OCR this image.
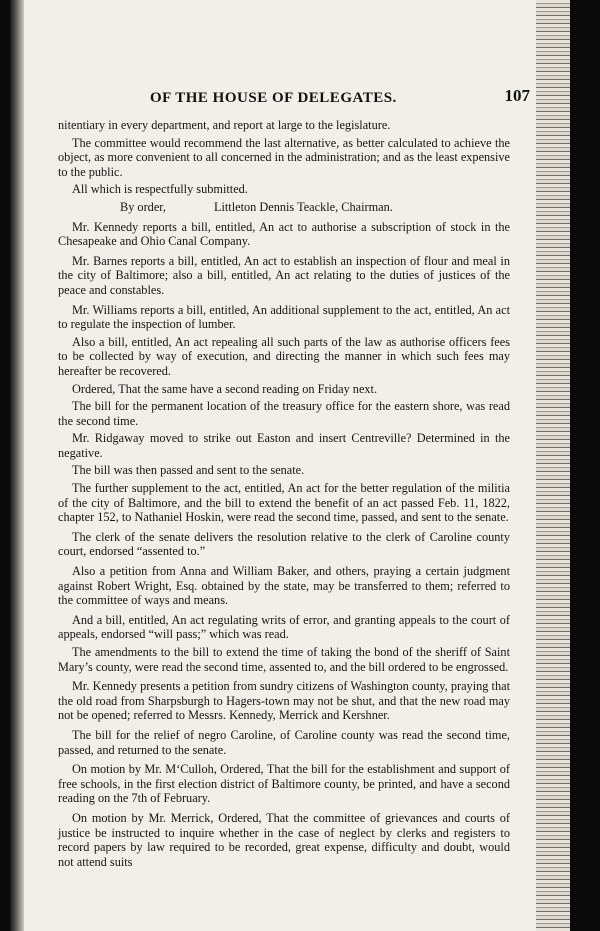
OF THE HOUSE OF DELEGATES.	107

nitentiary in every department, and report at large to the legislature.

The committee would recommend the last alternative, as better calculated to achieve the object, as more convenient to all concerned in the administration; and as the least expensive to the public.

All which is respectfully submitted.

By order,	Littleton Dennis Teackle, Chairman.

Mr. Kennedy reports a bill, entitled, An act to authorise a subscription of stock in the Chesapeake and Ohio Canal Company.

Mr. Barnes reports a bill, entitled, An act to establish an inspection of flour and meal in the city of Baltimore; also a bill, entitled, An act relating to the duties of justices of the peace and constables.

Mr. Williams reports a bill, entitled, An additional supplement to the act, entitled, An act to regulate the inspection of lumber.

Also a bill, entitled, An act repealing all such parts of the law as authorise officers fees to be collected by way of execution, and directing the manner in which such fees may hereafter be recovered.

Ordered, That the same have a second reading on Friday next.

The bill for the permanent location of the treasury office for the eastern shore, was read the second time.

Mr. Ridgaway moved to strike out Easton and insert Centreville? Determined in the negative.

The bill was then passed and sent to the senate.

The further supplement to the act, entitled, An act for the better regulation of the militia of the city of Baltimore, and the bill to extend the benefit of an act passed Feb. 11, 1822, chapter 152, to Nathaniel Hoskin, were read the second time, passed, and sent to the senate.

The clerk of the senate delivers the resolution relative to the clerk of Caroline county court, endorsed “assented to.”

Also a petition from Anna and William Baker, and others, praying a certain judgment against Robert Wright, Esq. obtained by the state, may be transferred to them; referred to the committee of ways and means.

And a bill, entitled, An act regulating writs of error, and granting appeals to the court of appeals, endorsed “will pass;” which was read.

The amendments to the bill to extend the time of taking the bond of the sheriff of Saint Mary’s county, were read the second time, assented to, and the bill ordered to be engrossed.

Mr. Kennedy presents a petition from sundry citizens of Washington county, praying that the old road from Sharpsburgh to Hagers-town may not be shut, and that the new road may not be opened; referred to Messrs. Kennedy, Merrick and Kershner.

The bill for the relief of negro Caroline, of Caroline county was read the second time, passed, and returned to the senate.

On motion by Mr. M‘Culloh, Ordered, That the bill for the establishment and support of free schools, in the first election district of Baltimore county, be printed, and have a second reading on the 7th of February.

On motion by Mr. Merrick, Ordered, That the committee of grievances and courts of justice be instructed to inquire whether in the case of neglect by clerks and registers to record papers by law required to be recorded, great expense, difficulty and doubt, would not attend suits
